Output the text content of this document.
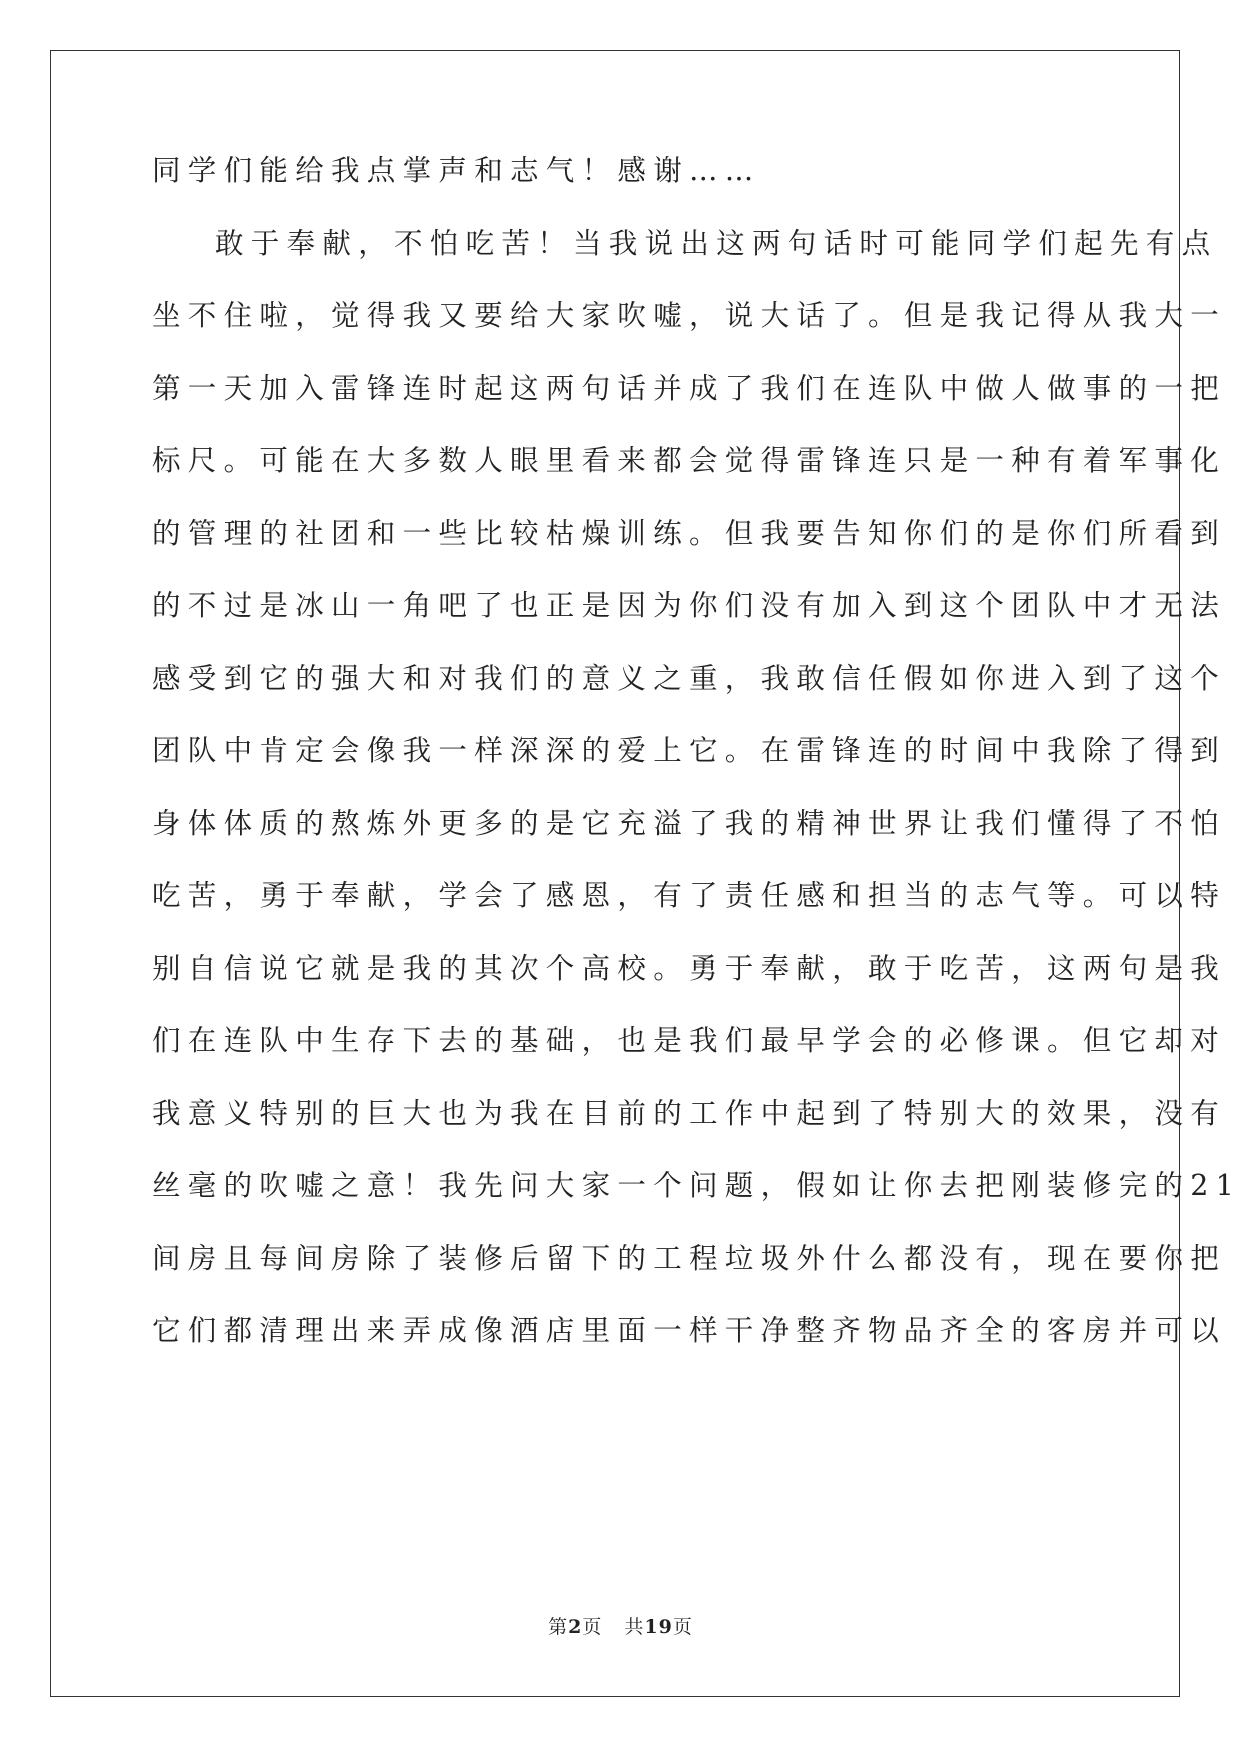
同学们能给我点掌声和志气！感谢……
敢于奉献，不怕吃苦！当我说出这两句话时可能同学们起先有点
坐不住啦，觉得我又要给大家吹嘘，说大话了。但是我记得从我大一
第一天加入雷锋连时起这两句话并成了我们在连队中做人做事的一把
标尺。可能在大多数人眼里看来都会觉得雷锋连只是一种有着军事化
的管理的社团和一些比较枯燥训练。但我要告知你们的是你们所看到
的不过是冰山一角吧了也正是因为你们没有加入到这个团队中才无法
感受到它的强大和对我们的意义之重，我敢信任假如你进入到了这个
团队中肯定会像我一样深深的爱上它。在雷锋连的时间中我除了得到
身体体质的熬炼外更多的是它充溢了我的精神世界让我们懂得了不怕
吃苦，勇于奉献，学会了感恩，有了责任感和担当的志气等。可以特
别自信说它就是我的其次个高校。勇于奉献，敢于吃苦，这两句是我
们在连队中生存下去的基础，也是我们最早学会的必修课。但它却对
我意义特别的巨大也为我在目前的工作中起到了特别大的效果，没有
丝毫的吹嘘之意！我先问大家一个问题，假如让你去把刚装修完的21
间房且每间房除了装修后留下的工程垃圾外什么都没有，现在要你把
它们都清理出来弄成像酒店里面一样干净整齐物品齐全的客房并可以
第2页 共19页
